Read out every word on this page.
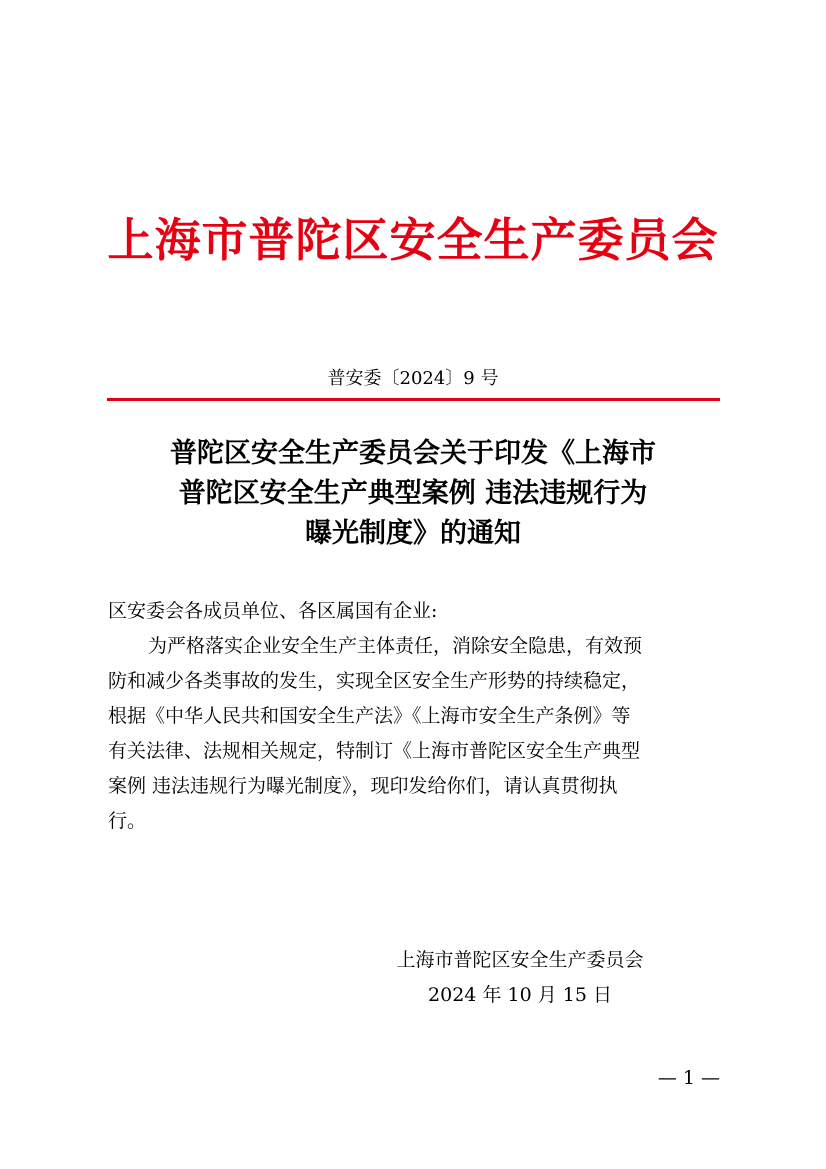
上海市普陀区安全生产委员会
普安委〔2024〕9 号
普陀区安全生产委员会关于印发《上海市
普陀区安全生产典型案例 违法违规行为
曝光制度》的通知
区安委会各成员单位、各区属国有企业:
为严格落实企业安全生产主体责任，消除安全隐患，有效预
防和减少各类事故的发生，实现全区安全生产形势的持续稳定，
根据《中华人民共和国安全生产法》《上海市安全生产条例》等
有关法律、法规相关规定，特制订《上海市普陀区安全生产典型
案例 违法违规行为曝光制度》，现印发给你们，请认真贯彻执
行。
上海市普陀区安全生产委员会
2024 年 10 月 15 日
— 1 —
